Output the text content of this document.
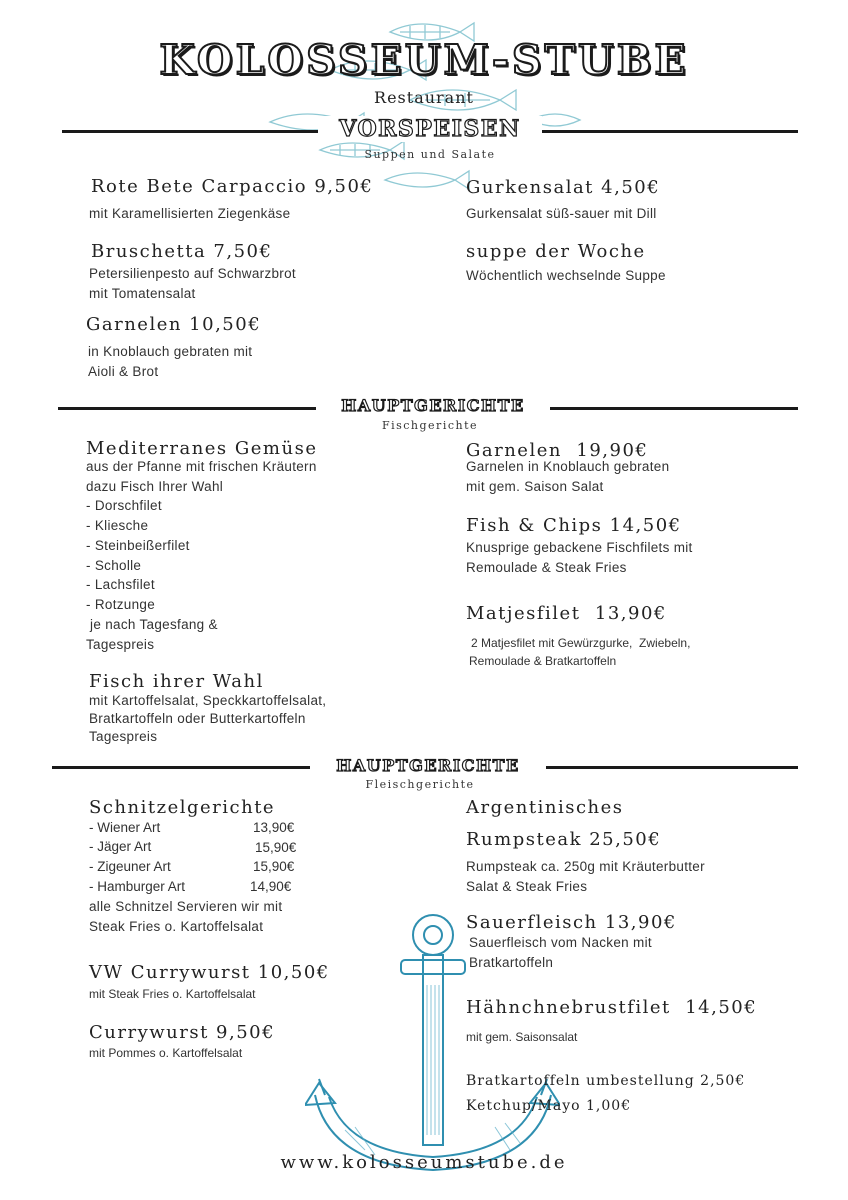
KOLOSSEUM-STUBE
Restaurant
VORSPEISEN
Suppen und Salate
Rote Bete Carpaccio 9,50€
mit Karamellisierten Ziegenkäse
Bruschetta 7,50€
Petersilienpesto auf Schwarzbrot
mit Tomatensalat
Garnelen 10,50€
in Knoblauch gebraten mit
Aioli & Brot
Gurkensalat 4,50€
Gurkensalat süß-sauer mit Dill
suppe der Woche
Wöchentlich wechselnde Suppe
HAUPTGERICHTE
Fischgerichte
Mediterranes Gemüse
aus der Pfanne mit frischen Kräutern
dazu Fisch Ihrer Wahl
- Dorschfilet
- Kliesche
- Steinbeißerfilet
- Scholle
- Lachsfilet
- Rotzunge
je nach Tagesfang &
Tagespreis
Fisch ihrer Wahl
mit Kartoffelsalat, Speckkartoffelsalat,
Bratkartoffeln oder Butterkartoffeln
Tagespreis
Garnelen  19,90€
Garnelen in Knoblauch gebraten
mit gem. Saison Salat
Fish & Chips 14,50€
Knusprige gebackene Fischfilets mit
Remoulade & Steak Fries
Matjesfilet  13,90€
2 Matjesfilet mit Gewürzgurke,  Zwiebeln,
Remoulade & Bratkartoffeln
HAUPTGERICHTE
Fleischgerichte
Schnitzelgerichte
- Wiener Art	13,90€
- Jäger Art	15,90€
- Zigeuner Art	15,90€
- Hamburger Art	14,90€
alle Schnitzel Servieren wir mit
Steak Fries o. Kartoffelsalat
VW Currywurst 10,50€
mit Steak Fries o. Kartoffelsalat
Currywurst 9,50€
mit Pommes o. Kartoffelsalat
Argentinisches
Rumpsteak 25,50€
Rumpsteak ca. 250g mit Kräuterbutter
Salat & Steak Fries
Sauerfleisch 13,90€
Sauerfleisch vom Nacken mit
Bratkartoffeln
Hähnchnebrustfilet  14,50€
mit gem. Saisonsalat
Bratkartoffeln umbestellung 2,50€
Ketchup/Mayo 1,00€
www.kolosseumstube.de
